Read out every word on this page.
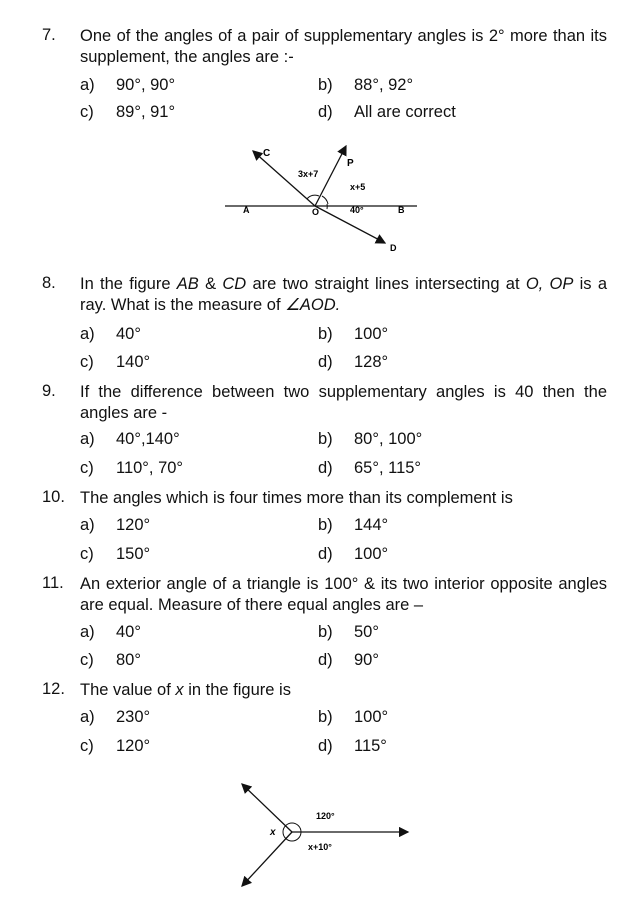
7. One of the angles of a pair of supplementary angles is 2° more than its supplement, the angles are :-
a) 90°, 90°	b) 88°, 92°
c) 89°, 91°	d) All are correct
C
P
A	O	B
D
3x+7
x+5
40°
8. In the figure AB & CD are two straight lines intersecting at O, OP is a ray. What is the measure of ∠AOD.
a) 40°	b) 100°
c) 140°	d) 128°
9. If the difference between two supplementary angles is 40 then the angles are -
a) 40°,140°	b) 80°, 100°
c) 110°, 70°	d) 65°, 115°
10. The angles which is four times more than its complement is
a) 120°	b) 144°
c) 150°	d) 100°
11. An exterior angle of a triangle is 100° & its two interior opposite angles are equal. Measure of there equal angles are –
a) 40°	b) 50°
c) 80°	d) 90°
12. The value of x in the figure is
a) 230°	b) 100°
c) 120°	d) 115°
120°
x
x+10°
